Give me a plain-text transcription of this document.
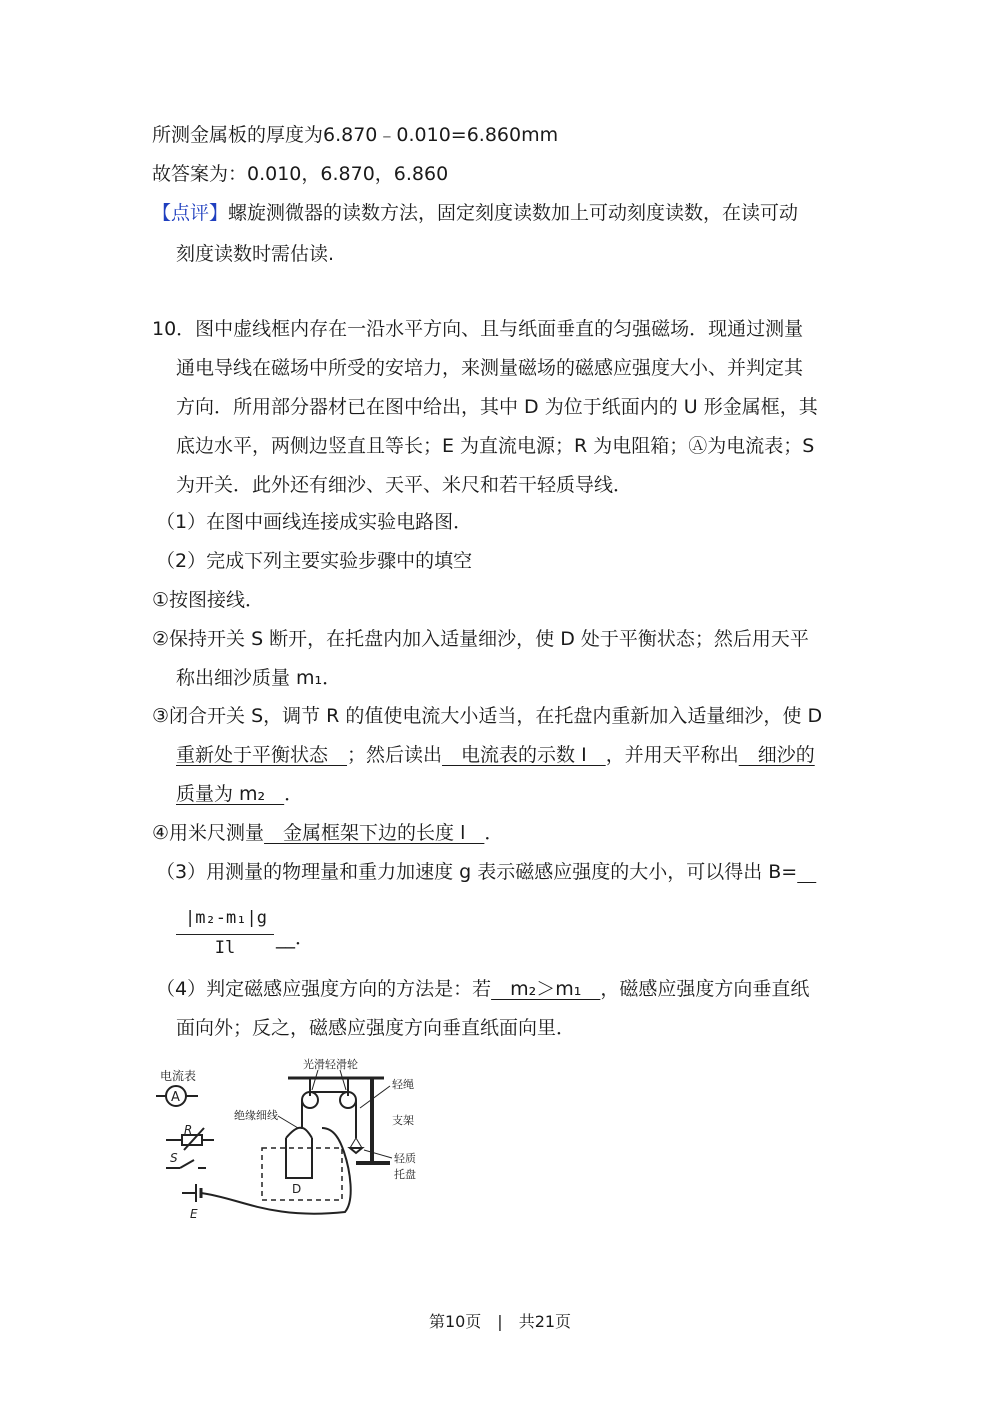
所测金属板的厚度为6.870﹣0.010=6.860mm
故答案为：0.010，6.870，6.860
【点评】螺旋测微器的读数方法，固定刻度读数加上可动刻度读数，在读可动
刻度读数时需估读.
10．图中虚线框内存在一沿水平方向、且与纸面垂直的匀强磁场．现通过测量
通电导线在磁场中所受的安培力，来测量磁场的磁感应强度大小、并判定其
方向．所用部分器材已在图中给出，其中 D 为位于纸面内的 U 形金属框，其
底边水平，两侧边竖直且等长；E 为直流电源；R 为电阻箱；Ⓐ为电流表；S
为开关．此外还有细沙、天平、米尺和若干轻质导线．
（1）在图中画线连接成实验电路图．
（2）完成下列主要实验步骤中的填空
①按图接线．
②保持开关 S 断开，在托盘内加入适量细沙，使 D 处于平衡状态；然后用天平
称出细沙质量 m₁．
③闭合开关 S，调节 R 的值使电流大小适当，在托盘内重新加入适量细沙，使 D
重新处于平衡状态　；然后读出　电流表的示数 I　，并用天平称出　细沙的
质量为 m₂　．
④用米尺测量　金属框架下边的长度 l　．
（3）用测量的物理量和重力加速度 g 表示磁感应强度的大小，可以得出 B=　
|m₂-m₁|g
Il	__．
（4）判定磁感应强度方向的方法是：若　m₂＞m₁　，磁感应强度方向垂直纸
面向外；反之，磁感应强度方向垂直纸面向里．
电流表
A
R
S
E
光滑轻滑轮
轻绳
支架
轻质
托盘
绝缘细线
D
第10页　|　共21页
